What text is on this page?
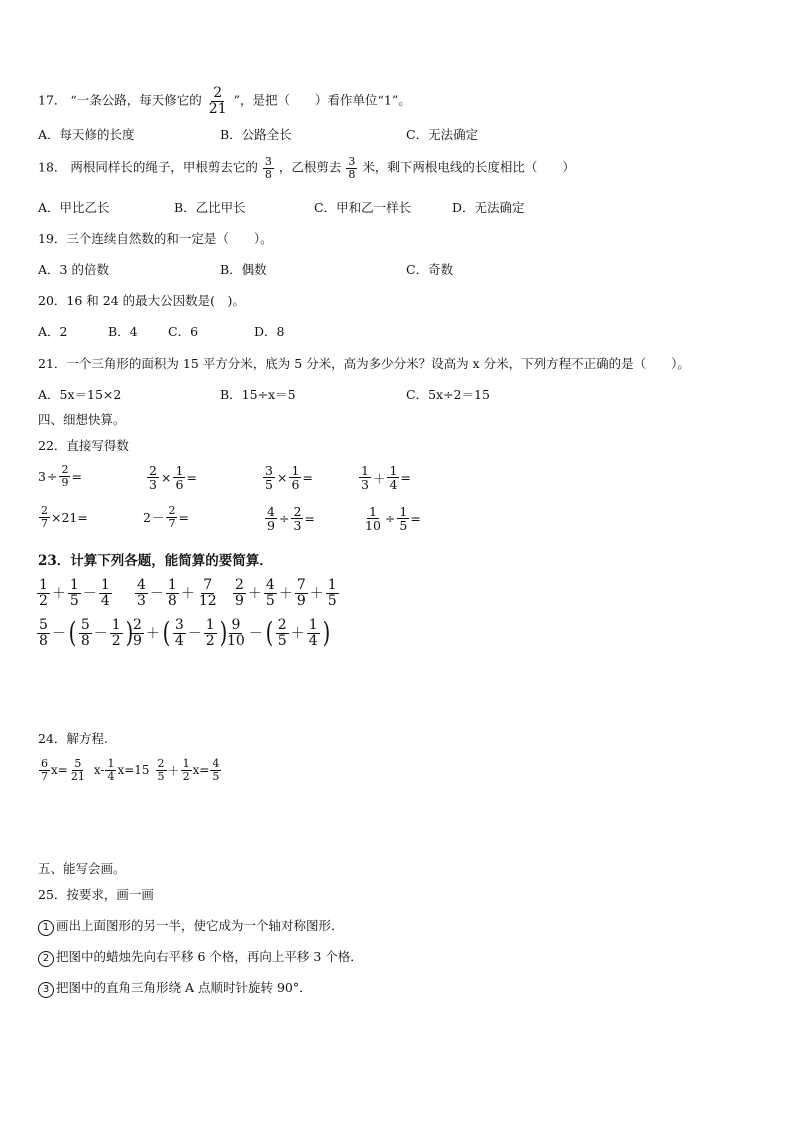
17． “一条公路，每天修它的 $\frac{2}{21}$ ”，是把（　　）看作单位“1”。
A．每天修的长度	B．公路全长	C．无法确定
18． 两根同样长的绳子，甲根剪去它的 $\frac{3}{8}$ ，乙根剪去 $\frac{3}{8}$ 米，剩下两根电线的长度相比（　　）
A．甲比乙长	B．乙比甲长	C．甲和乙一样长	D．无法确定
19．三个连续自然数的和一定是（　　）。
A．3 的倍数	B．偶数	C．奇数
20．16 和 24 的最大公因数是(　)。
A．2	B．4 C．6	D．8
21．一个三角形的面积为 15 平方分米，底为 5 分米，高为多少分米？设高为 x 分米，下列方程不正确的是（　　）。
A．5x＝15×2	B．15÷x＝5	C．5x÷2＝15
四、细想快算。
22．直接写得数
$3 \div \frac{2}{9}$ =	$\frac{2}{3} \times \frac{1}{6}$ =	$\frac{3}{5} \times \frac{1}{6}$ =	$\frac{1}{3} + \frac{1}{4}$ =
$\frac{2}{7} \times 21=$	$2 - \frac{2}{7}$ =	$\frac{4}{9} \div \frac{2}{3}$ =	$\frac{1}{10} \div \frac{1}{5}$ =
23．计算下列各题，能简算的要简算．
$\frac{1}{2} + \frac{1}{5} - \frac{1}{4} \frac{4}{3} - \frac{1}{8} + \frac{7}{12} \frac{2}{9} + \frac{4}{5} + \frac{7}{9} + \frac{1}{5}$
$\frac{5}{8}$ － ( $\frac{5}{8} - \frac{1}{2}$ )
$\frac{2}{9}$ ＋ ( $\frac{3}{4} - \frac{1}{2}$ )
$\frac{9}{10}$ － ( $\frac{2}{5} + \frac{1}{4}$ )
24．解方程.
$\frac{6}{7} x= \frac{5}{21} x- \frac{1}{4} x=15 \frac{2}{5} + \frac{1}{2} x= \frac{4}{5}$
五、能写会画。
25．按要求，画一画
1 画出上面图形的另一半，使它成为一个轴对称图形．
2 把图中的蜡烛先向右平移 6 个格，再向上平移 3 个格．
3 把图中的直角三角形绕 A 点顺时针旋转 90°．
